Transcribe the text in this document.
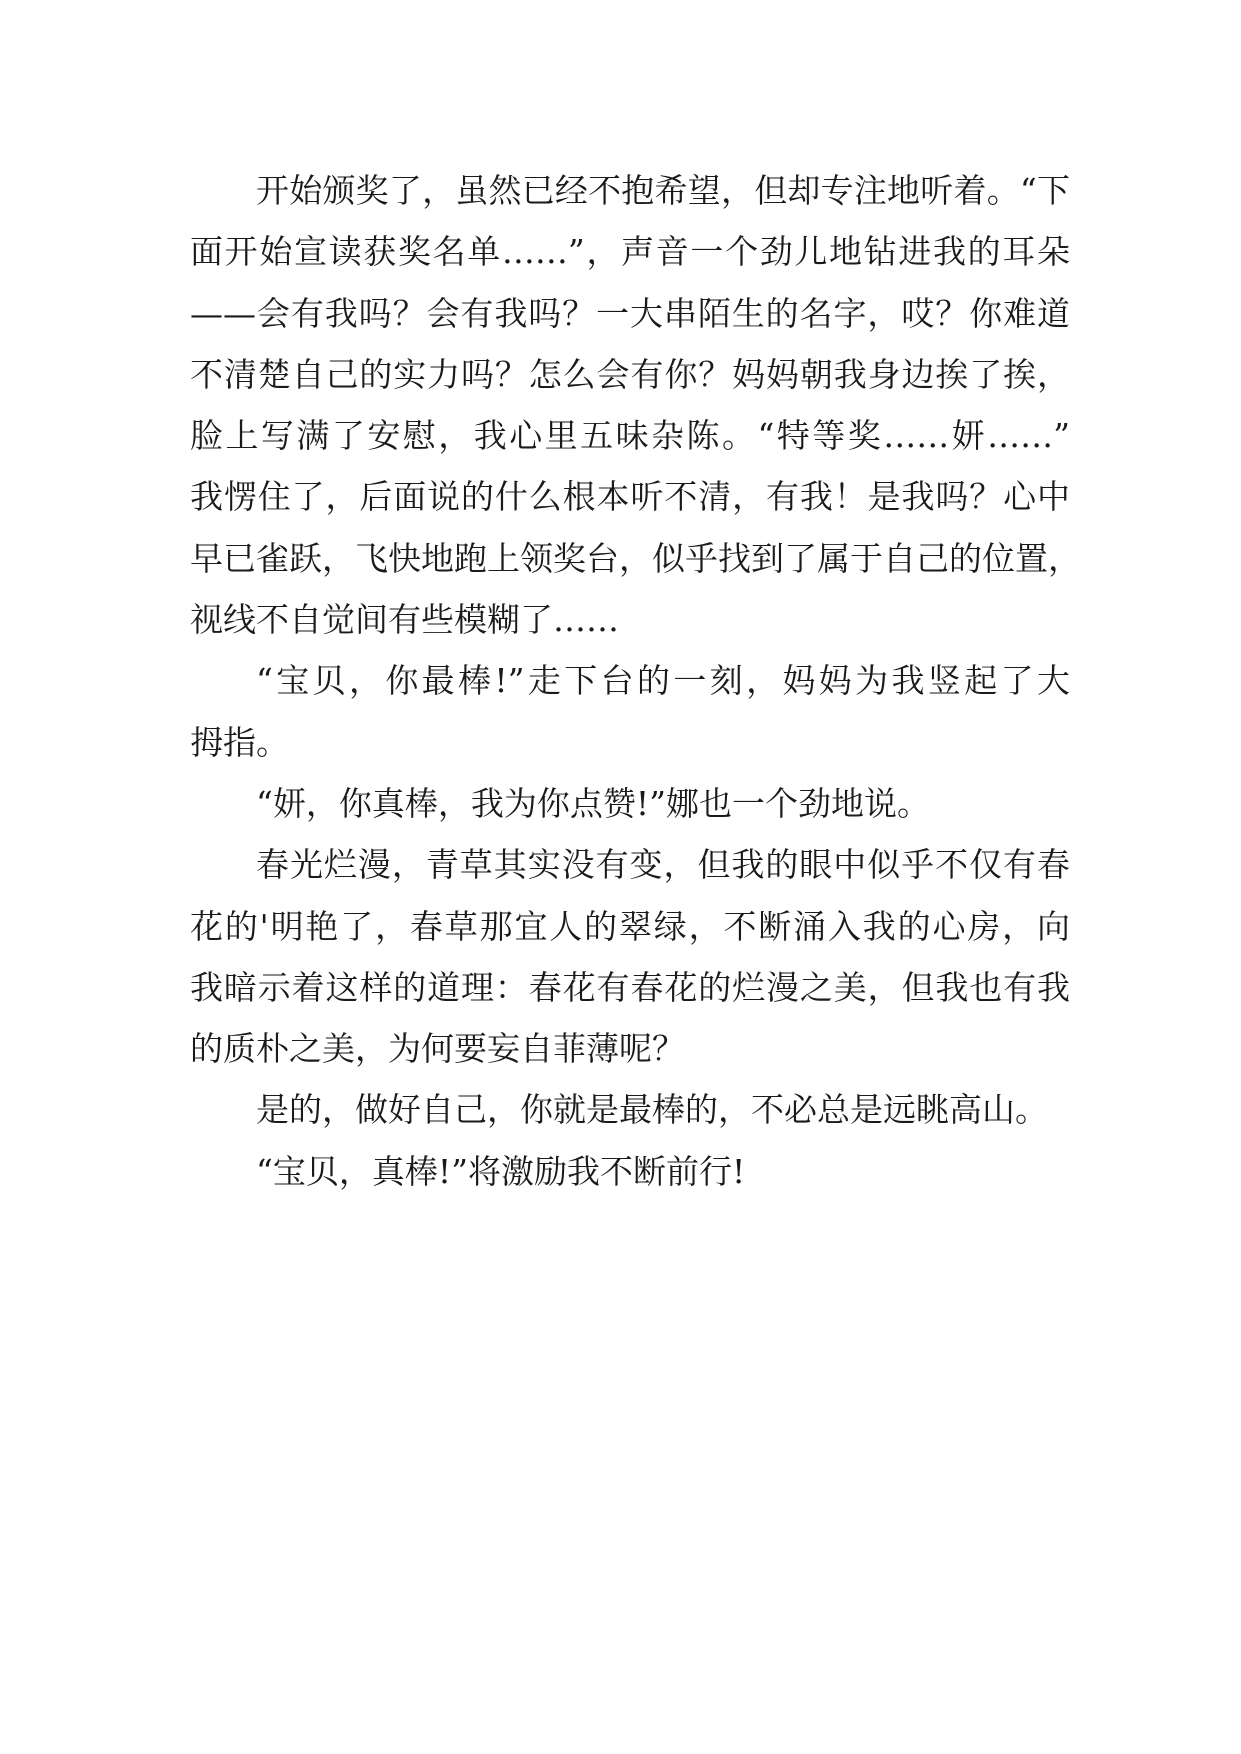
开始颁奖了，虽然已经不抱希望，但却专注地听着。“下
面开始宣读获奖名单……”，声音一个劲儿地钻进我的耳朵
——会有我吗？会有我吗？一大串陌生的名字，哎？你难道
不清楚自己的实力吗？怎么会有你？妈妈朝我身边挨了挨，
脸上写满了安慰，我心里五味杂陈。“特等奖……妍……”
我愣住了，后面说的什么根本听不清，有我！是我吗？心中
早已雀跃，飞快地跑上领奖台，似乎找到了属于自己的位置，
视线不自觉间有些模糊了……
“宝贝，你最棒!”走下台的一刻，妈妈为我竖起了大
拇指。
“妍，你真棒，我为你点赞!”娜也一个劲地说。
春光烂漫，青草其实没有变，但我的眼中似乎不仅有春
花的'明艳了，春草那宜人的翠绿，不断涌入我的心房，向
我暗示着这样的道理：春花有春花的烂漫之美，但我也有我
的质朴之美，为何要妄自菲薄呢？
是的，做好自己，你就是最棒的，不必总是远眺高山。
“宝贝，真棒!”将激励我不断前行!
